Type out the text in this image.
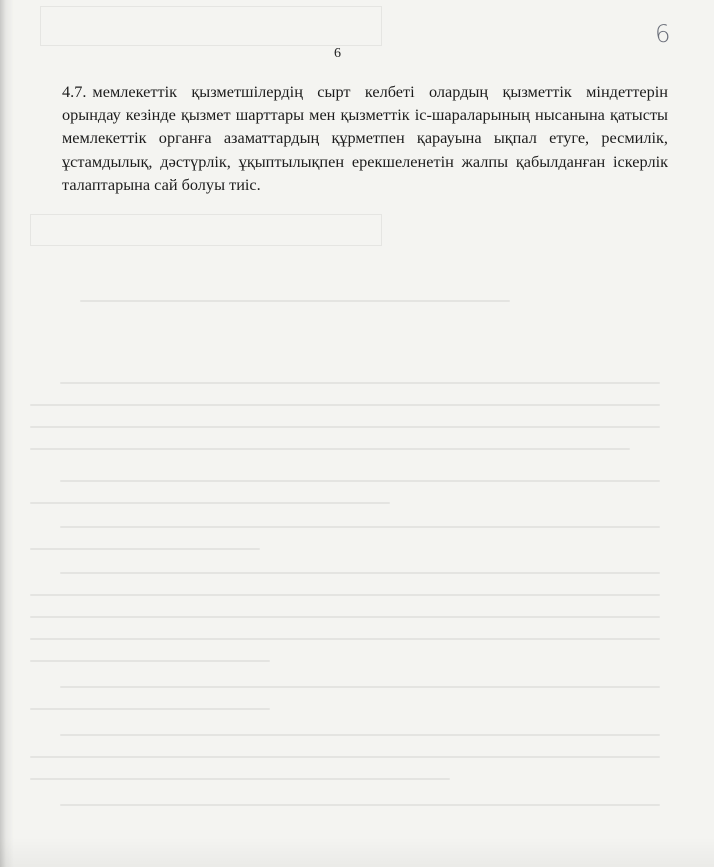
6
6

4.7. мемлекеттік қызметшілердің сырт келбеті олардың қызметтік міндеттерін орындау кезінде қызмет шарттары мен қызметтік іс-шараларының нысанына қатысты мемлекеттік органға азаматтардың құрметпен қарауына ықпал етуге, ресмилік, ұстамдылық, дәстүрлік, ұқыптылықпен ерекшеленетін жалпы қабылданған іскерлік талаптарына сай болуы тиіс.
